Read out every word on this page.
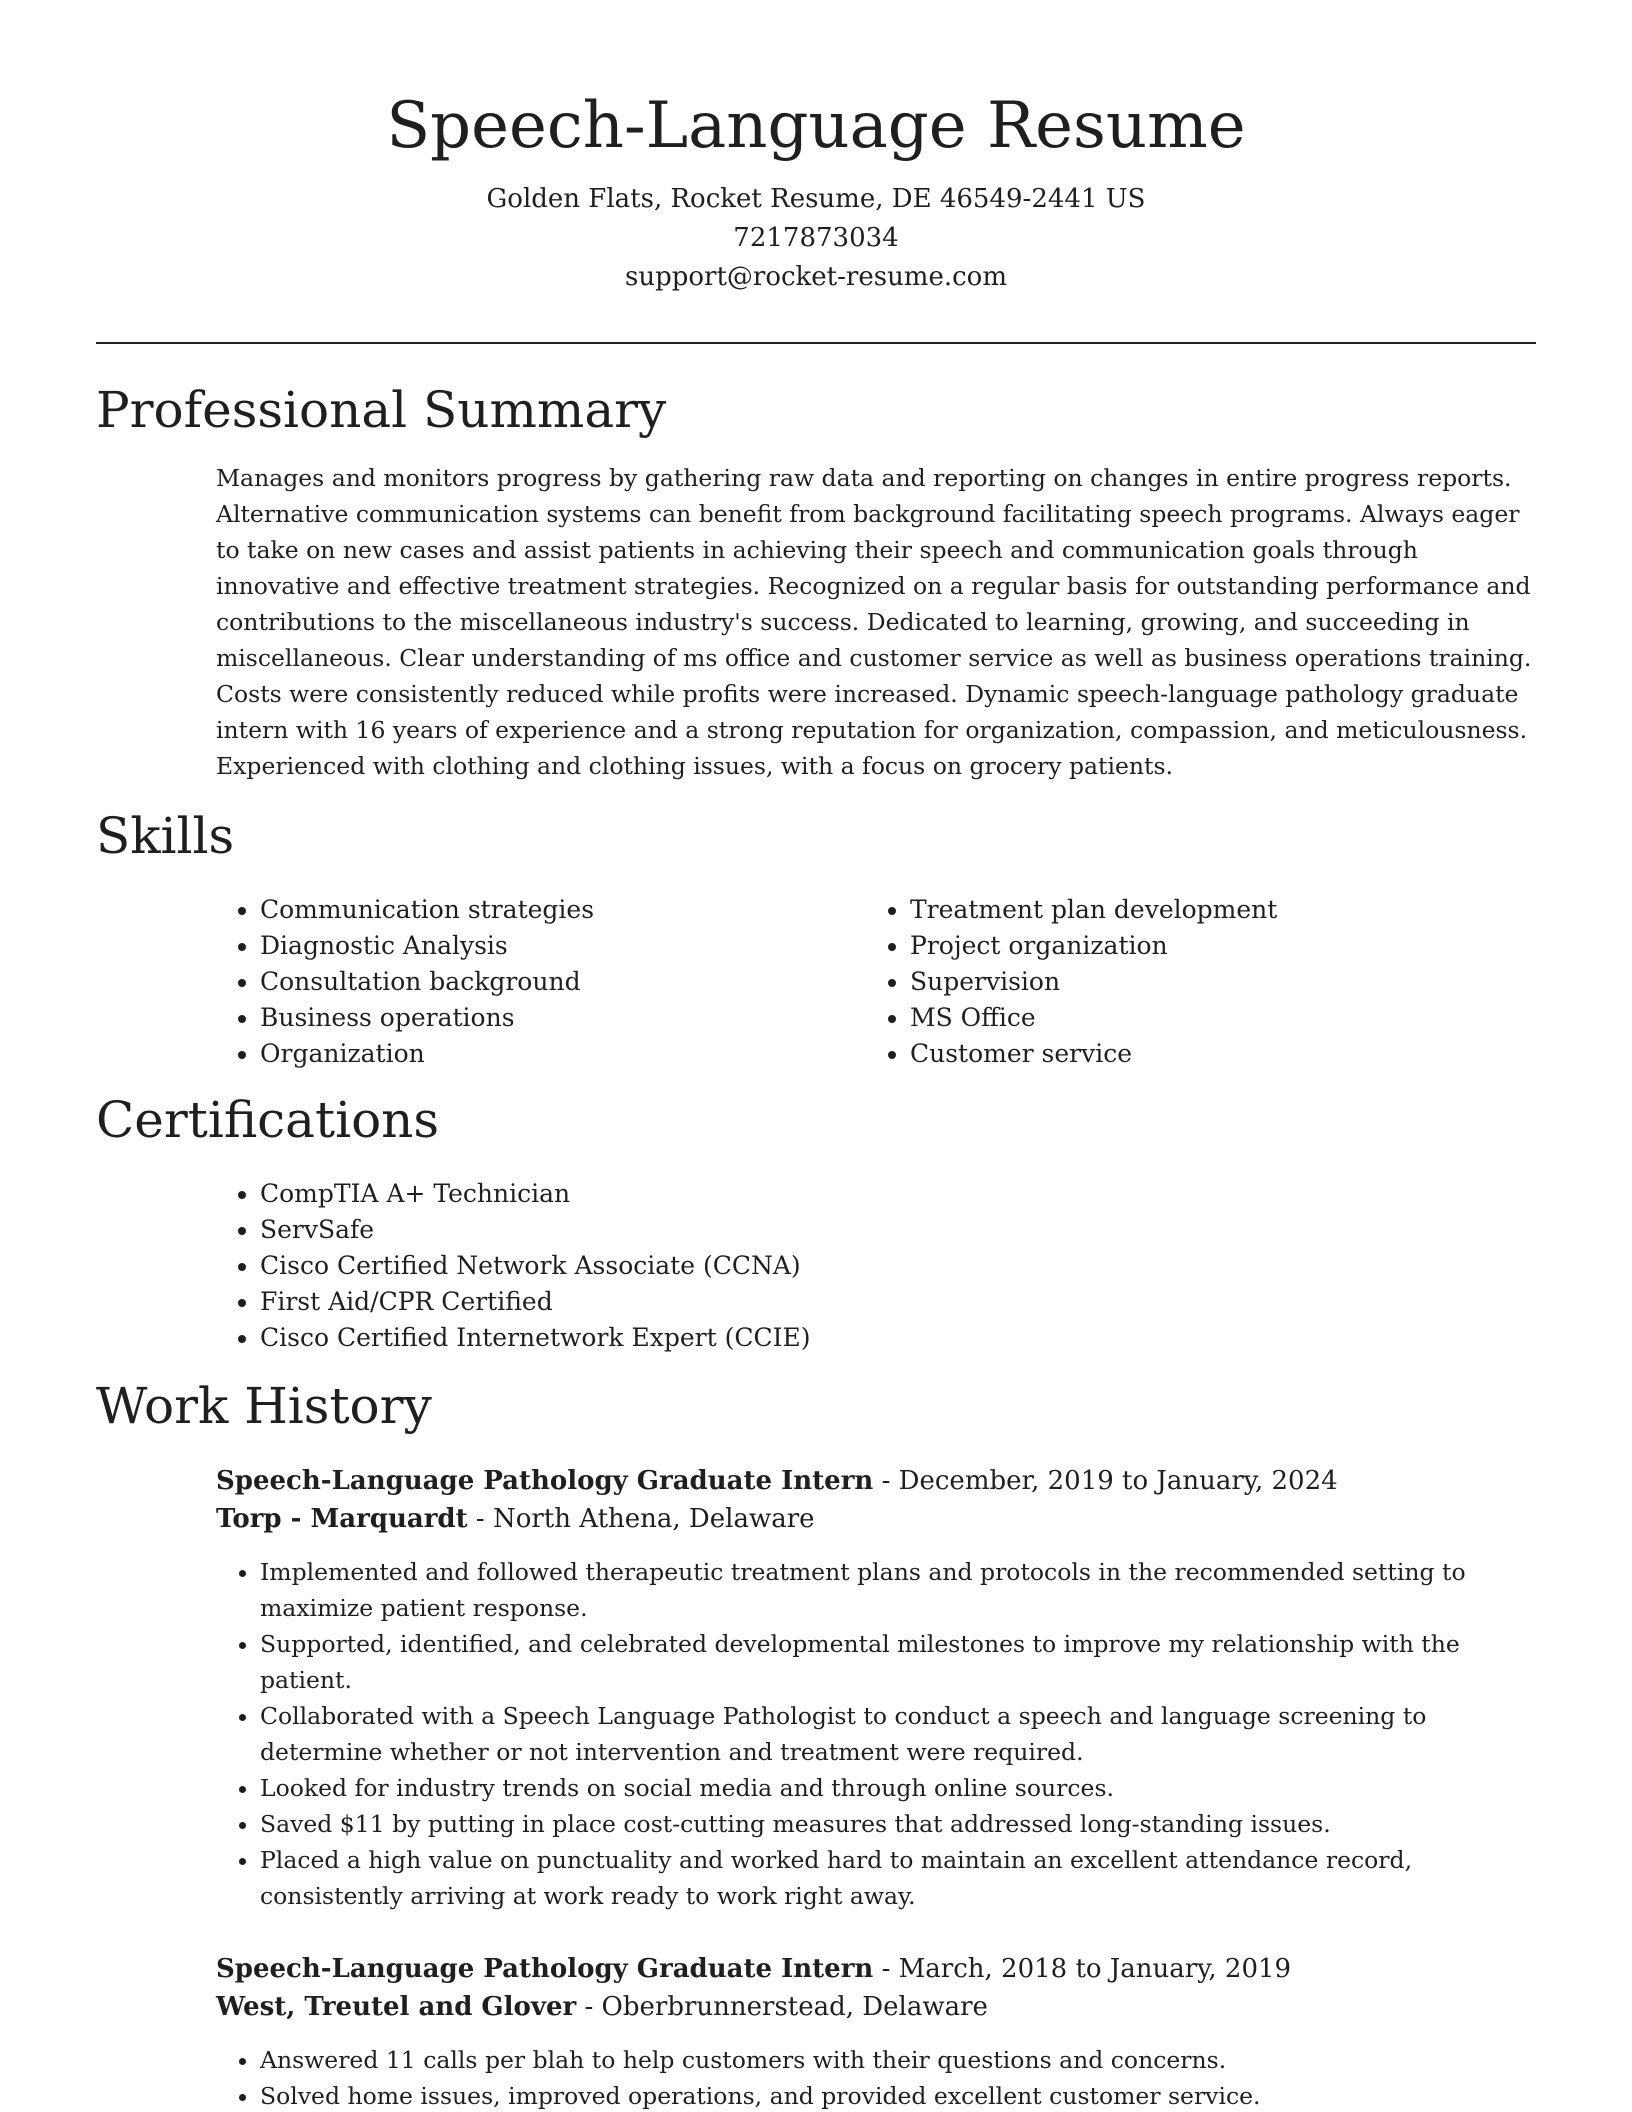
Speech-Language Resume
Golden Flats, Rocket Resume, DE 46549-2441 US
7217873034
support@rocket-resume.com
Professional Summary

Manages and monitors progress by gathering raw data and reporting on changes in entire progress reports. Alternative communication systems can benefit from background facilitating speech programs. Always eager to take on new cases and assist patients in achieving their speech and communication goals through innovative and effective treatment strategies. Recognized on a regular basis for outstanding performance and contributions to the miscellaneous industry's success. Dedicated to learning, growing, and succeeding in miscellaneous. Clear understanding of ms office and customer service as well as business operations training. Costs were consistently reduced while profits were increased. Dynamic speech-language pathology graduate intern with 16 years of experience and a strong reputation for organization, compassion, and meticulousness. Experienced with clothing and clothing issues, with a focus on grocery patients.

Skills
• Communication strategies
• Diagnostic Analysis
• Consultation background
• Business operations
• Organization
• Treatment plan development
• Project organization
• Supervision
• MS Office
• Customer service
Certifications
• CompTIA A+ Technician
• ServSafe
• Cisco Certified Network Associate (CCNA)
• First Aid/CPR Certified
• Cisco Certified Internetwork Expert (CCIE)
Work History
Speech-Language Pathology Graduate Intern - December, 2019 to January, 2024
Torp - Marquardt - North Athena, Delaware
• Implemented and followed therapeutic treatment plans and protocols in the recommended setting to maximize patient response.
• Supported, identified, and celebrated developmental milestones to improve my relationship with the patient.
• Collaborated with a Speech Language Pathologist to conduct a speech and language screening to determine whether or not intervention and treatment were required.
• Looked for industry trends on social media and through online sources.
• Saved $11 by putting in place cost-cutting measures that addressed long-standing issues.
• Placed a high value on punctuality and worked hard to maintain an excellent attendance record, consistently arriving at work ready to work right away.
Speech-Language Pathology Graduate Intern - March, 2018 to January, 2019
West, Treutel and Glover - Oberbrunnerstead, Delaware
• Answered 11 calls per blah to help customers with their questions and concerns.
• Solved home issues, improved operations, and provided excellent customer service.
